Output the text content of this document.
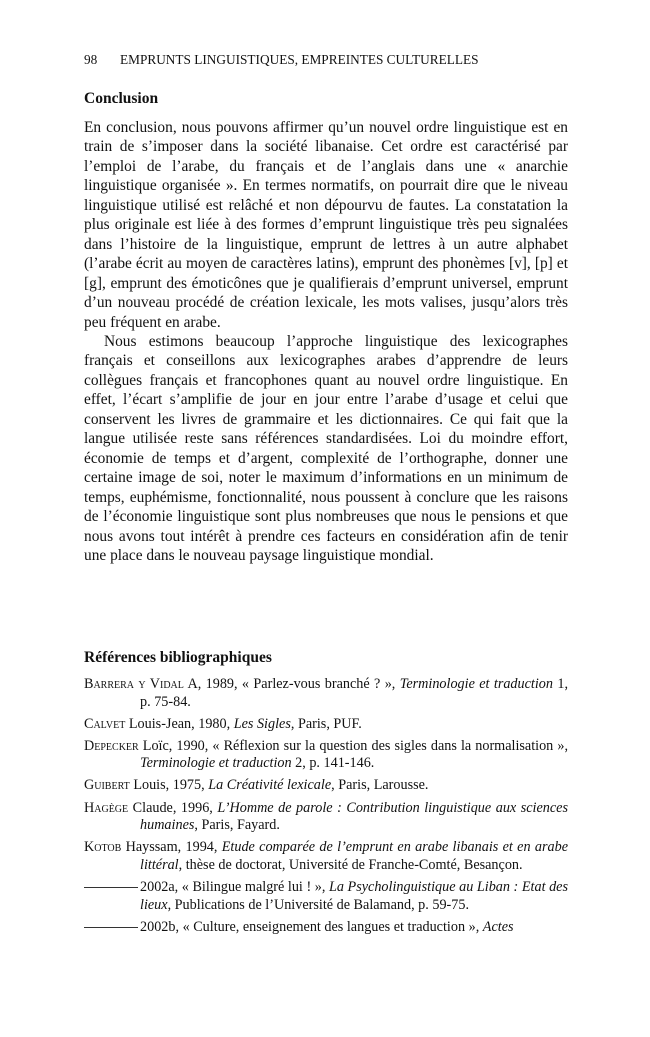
98 EMPRUNTS LINGUISTIQUES, EMPREINTES CULTURELLES
Conclusion

En conclusion, nous pouvons affirmer qu’un nouvel ordre linguistique est en train de s’imposer dans la société libanaise. Cet ordre est caractérisé par l’emploi de l’arabe, du français et de l’anglais dans une « anarchie linguistique organisée ». En termes normatifs, on pourrait dire que le niveau linguistique utilisé est relâché et non dépourvu de fautes. La constatation la plus originale est liée à des formes d’emprunt linguistique très peu signalées dans l’histoire de la linguistique, emprunt de lettres à un autre alphabet (l’arabe écrit au moyen de caractères latins), emprunt des phonèmes [v], [p] et [g], emprunt des émoticônes que je qualifierais d’emprunt universel, emprunt d’un nouveau procédé de création lexicale, les mots valises, jusqu’alors très peu fréquent en arabe.

Nous estimons beaucoup l’approche linguistique des lexicographes français et conseillons aux lexicographes arabes d’apprendre de leurs collègues français et francophones quant au nouvel ordre linguistique. En effet, l’écart s’amplifie de jour en jour entre l’arabe d’usage et celui que conservent les livres de grammaire et les dictionnaires. Ce qui fait que la langue utilisée reste sans références standardisées. Loi du moindre effort, économie de temps et d’argent, complexité de l’orthographe, donner une certaine image de soi, noter le maximum d’informations en un minimum de temps, euphémisme, fonctionnalité, nous poussent à conclure que les raisons de l’économie linguistique sont plus nombreuses que nous le pensions et que nous avons tout intérêt à prendre ces facteurs en considération afin de tenir une place dans le nouveau paysage linguistique mondial.

Références bibliographiques
Barrera y Vidal A, 1989, « Parlez-vous branché ? », Terminologie et traduction 1, p. 75-84.
Calvet Louis-Jean, 1980, Les Sigles, Paris, PUF.
Depecker Loïc, 1990, « Réflexion sur la question des sigles dans la normalisation », Terminologie et traduction 2, p. 141-146.
Guibert Louis, 1975, La Créativité lexicale, Paris, Larousse.
Hagège Claude, 1996, L’Homme de parole : Contribution linguistique aux sciences humaines, Paris, Fayard.
Kotob Hayssam, 1994, Etude comparée de l’emprunt en arabe libanais et en arabe littéral, thèse de doctorat, Université de Franche-Comté, Besançon.
2002a, « Bilingue malgré lui ! », La Psycholinguistique au Liban : Etat des lieux, Publications de l’Université de Balamand, p. 59-75.
2002b, « Culture, enseignement des langues et traduction », Actes
